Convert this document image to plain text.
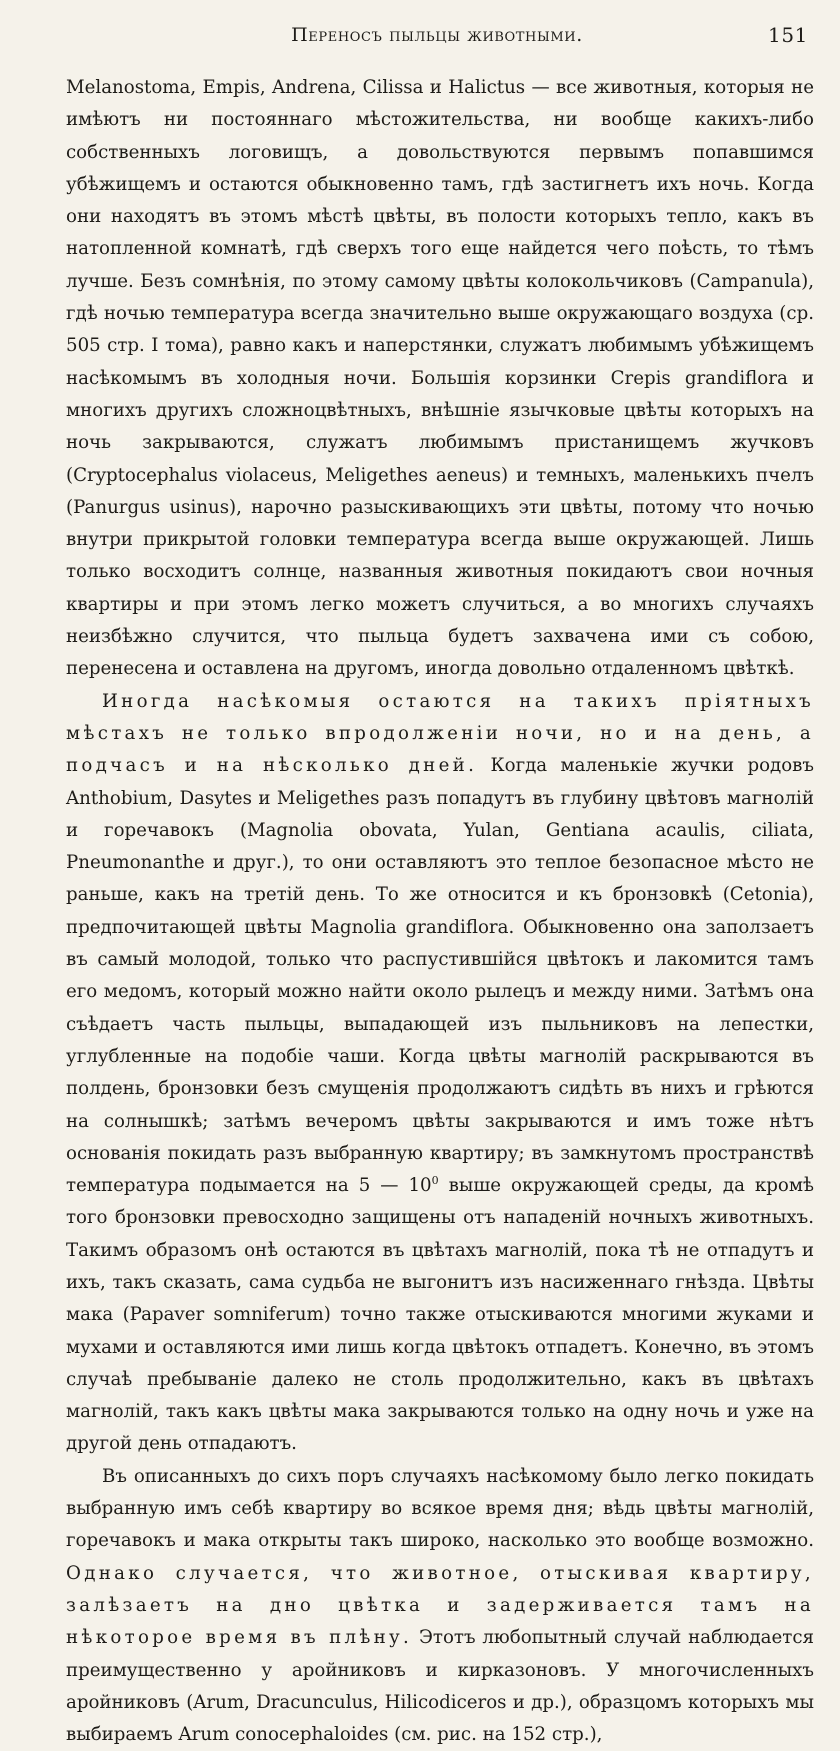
Переносъ пыльцы животными.	151

Melanostoma, Empis, Andrena, Cilissa и Halictus — все животныя, которыя не имѣютъ ни постояннаго мѣстожительства, ни вообще какихъ-либо собственныхъ логовищъ, а довольствуются первымъ попавшимся убѣжищемъ и остаются обыкновенно тамъ, гдѣ застигнетъ ихъ ночь. Когда они находятъ въ этомъ мѣстѣ цвѣты, въ полости которыхъ тепло, какъ въ натопленной комнатѣ, гдѣ сверхъ того еще найдется чего поѣсть, то тѣмъ лучше. Безъ сомнѣнія, по этому самому цвѣты колокольчиковъ (Campanula), гдѣ ночью температура всегда значительно выше окружающаго воздуха (ср. 505 стр. I тома), равно какъ и наперстянки, служатъ любимымъ убѣжищемъ насѣкомымъ въ холодныя ночи. Большія корзинки Crepis grandiflora и многихъ другихъ сложноцвѣтныхъ, внѣшніе язычковые цвѣты которыхъ на ночь закрываются, служатъ любимымъ пристанищемъ жучковъ (Cryptocephalus violaceus, Meligethes aeneus) и темныхъ, маленькихъ пчелъ (Panurgus usinus), нарочно разыскивающихъ эти цвѣты, потому что ночью внутри прикрытой головки температура всегда выше окружающей. Лишь только восходитъ солнце, названныя животныя покидаютъ свои ночныя квартиры и при этомъ легко можетъ случиться, а во многихъ случаяхъ неизбѣжно случится, что пыльца будетъ захвачена ими съ собою, перенесена и оставлена на другомъ, иногда довольно отдаленномъ цвѣткѣ.

Иногда насѣкомыя остаются на такихъ пріятныхъ мѣстахъ не только впродолженіи ночи, но и на день, а подчасъ и на нѣсколько дней. Когда маленькіе жучки родовъ Anthobium, Dasytes и Meligethes разъ попадутъ въ глубину цвѣтовъ магнолій и горечавокъ (Magnolia obovata, Yulan, Gentiana acaulis, ciliata, Pneumonanthe и друг.), то они оставляютъ это теплое безопасное мѣсто не раньше, какъ на третій день. То же относится и къ бронзовкѣ (Cetonia), предпочитающей цвѣты Magnolia grandiflora. Обыкновенно она заползаетъ въ самый молодой, только что распустившійся цвѣтокъ и лакомится тамъ его медомъ, который можно найти около рылецъ и между ними. Затѣмъ она съѣдаетъ часть пыльцы, выпадающей изъ пыльниковъ на лепестки, углубленные на подобіе чаши. Когда цвѣты магнолій раскрываются въ полдень, бронзовки безъ смущенія продолжаютъ сидѣть въ нихъ и грѣются на солнышкѣ; затѣмъ вечеромъ цвѣты закрываются и имъ тоже нѣтъ основанія покидать разъ выбранную квартиру; въ замкнутомъ пространствѣ температура подымается на 5 — $10^0$ выше окружающей среды, да кромѣ того бронзовки превосходно защищены отъ нападеній ночныхъ животныхъ. Такимъ образомъ онѣ остаются въ цвѣтахъ магнолій, пока тѣ не отпадутъ и ихъ, такъ сказать, сама судьба не выгонитъ изъ насиженнаго гнѣзда. Цвѣты мака (Papaver somniferum) точно также отыскиваются многими жуками и мухами и оставляются ими лишь когда цвѣтокъ отпадетъ. Конечно, въ этомъ случаѣ пребываніе далеко не столь продолжительно, какъ въ цвѣтахъ магнолій, такъ какъ цвѣты мака закрываются только на одну ночь и уже на другой день отпадаютъ.

Въ описанныхъ до сихъ поръ случаяхъ насѣкомому было легко покидать выбранную имъ себѣ квартиру во всякое время дня; вѣдь цвѣты магнолій, горечавокъ и мака открыты такъ широко, насколько это вообще возможно. Однако случается, что животное, отыскивая квартиру, залѣзаетъ на дно цвѣтка и задерживается тамъ на нѣкоторое время въ плѣну. Этотъ любопытный случай наблюдается преимущественно у аройниковъ и кирказоновъ. У многочисленныхъ аройниковъ (Arum, Dracunculus, Hilicodiceros и др.), образцомъ которыхъ мы выбираемъ Arum conocephaloides (см. рис. на 152 стр.),
